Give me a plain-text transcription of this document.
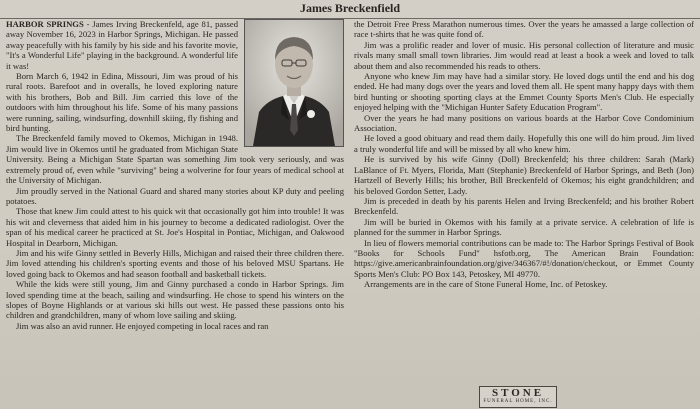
James Breckenfield

HARBOR SPRINGS - James Irving Breckenfeld, age 81, passed away November 16, 2023 in Harbor Springs, Michigan. He passed away peacefully with his family by his side and his favorite movie, "It's a Wonderful Life" playing in the background. A wonderful life it was!

Born March 6, 1942 in Edina, Missouri, Jim was proud of his rural roots. Barefoot and in overalls, he loved exploring nature with his brothers, Bob and Bill. Jim carried this love of the outdoors with him throughout his life. Some of his many passions were running, sailing, windsurfing, downhill skiing, fly fishing and bird hunting.

The Breckenfeld family moved to Okemos, Michigan in 1948. Jim would live in Okemos until he graduated from Michigan State University. Being a Michigan State Spartan was something Jim took very seriously, and was extremely proud of, even while "surviving" being a wolverine for four years of medical school at the University of Michigan.

Jim proudly served in the National Guard and shared many stories about KP duty and peeling potatoes.

Those that knew Jim could attest to his quick wit that occasionally got him into trouble! It was his wit and cleverness that aided him in his journey to become a dedicated radiologist. Over the span of his medical career he practiced at St. Joe's Hospital in Pontiac, Michigan, and Oakwood Hospital in Dearborn, Michigan.

Jim and his wife Ginny settled in Beverly Hills, Michigan and raised their three children there. Jim loved attending his children's sporting events and those of his beloved MSU Spartans. He loved going back to Okemos and had season football and basketball tickets.

While the kids were still young, Jim and Ginny purchased a condo in Harbor Springs. Jim loved spending time at the beach, sailing and windsurfing. He chose to spend his winters on the slopes of Boyne Highlands or at various ski hills out west. He passed these passions onto his children and grandchildren, many of whom love sailing and skiing.

Jim was also an avid runner. He enjoyed competing in local races and ran

the Detroit Free Press Marathon numerous times. Over the years he amassed a large collection of race t-shirts that he was quite fond of.

Jim was a prolific reader and lover of music. His personal collection of literature and music rivals many small small town libraries. Jim would read at least a book a week and loved to talk about them and also recommended his reads to others.

Anyone who knew Jim may have had a similar story. He loved dogs until the end and his dog ended. He had many dogs over the years and loved them all. He spent many happy days with them bird hunting or shooting sporting clays at the Emmet County Sports Men's Club. He especially enjoyed helping with the "Michigan Hunter Safety Education Program".

Over the years he had many positions on various boards at the Harbor Cove Condominium Association.

He loved a good obituary and read them daily. Hopefully this one will do him proud. Jim lived a truly wonderful life and will be missed by all who knew him.

He is survived by his wife Ginny (Doll) Breckenfeld; his three children: Sarah (Mark) LaBlance of Ft. Myers, Florida, Matt (Stephanie) Breckenfeld of Harbor Springs, and Beth (Jon) Hartzell of Beverly Hills; his brother, Bill Breckenfeld of Okemos; his eight grandchildren; and his beloved Gordon Setter, Lady.

Jim is preceded in death by his parents Helen and Irving Breckenfeld; and his brother Robert Breckenfeld.

Jim will be buried in Okemos with his family at a private service. A celebration of life is planned for the summer in Harbor Springs.

In lieu of flowers memorial contributions can be made to: The Harbor Springs Festival of Book "Books for Schools Fund" hsfotb.org, The American Brain Foundation: https://give.americanbrainfoundation.org/give/346367/#!/donation/checkout, or Emmet County Sports Men's Club: PO Box 143, Petoskey, MI 49770.

Arrangements are in the care of Stone Funeral Home, Inc. of Petoskey.

STONE
FUNERAL HOME, INC.
